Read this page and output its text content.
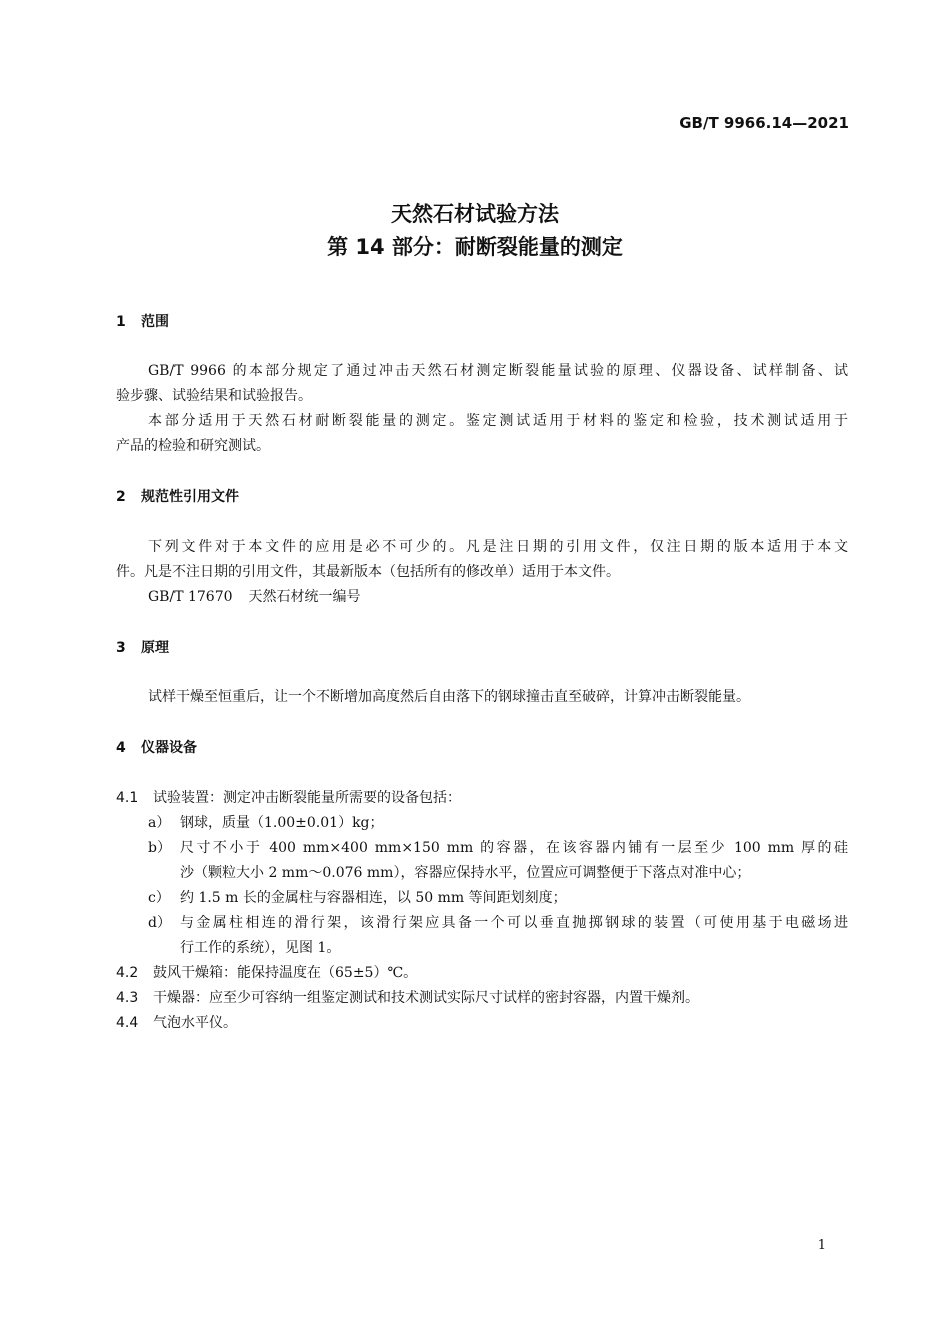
GB/T 9966.14—2021
天然石材试验方法
第 14 部分：耐断裂能量的测定
1 范围
GB/T 9966 的本部分规定了通过冲击天然石材测定断裂能量试验的原理、仪器设备、试样制备、试
验步骤、试验结果和试验报告。
本部分适用于天然石材耐断裂能量的测定。鉴定测试适用于材料的鉴定和检验，技术测试适用于
产品的检验和研究测试。
2 规范性引用文件
下列文件对于本文件的应用是必不可少的。凡是注日期的引用文件，仅注日期的版本适用于本文
件。凡是不注日期的引用文件，其最新版本（包括所有的修改单）适用于本文件。
GB/T 17670 天然石材统一编号
3 原理
试样干燥至恒重后，让一个不断增加高度然后自由落下的钢球撞击直至破碎，计算冲击断裂能量。
4 仪器设备
4.1 试验装置：测定冲击断裂能量所需要的设备包括：
a） 钢球，质量（1.00±0.01）kg；
b） 尺寸不小于 400 mm×400 mm×150 mm 的容器，在该容器内铺有一层至少 100 mm 厚的硅
沙（颗粒大小 2 mm～0.076 mm），容器应保持水平，位置应可调整便于下落点对准中心；
c） 约 1.5 m 长的金属柱与容器相连，以 50 mm 等间距划刻度；
d） 与金属柱相连的滑行架，该滑行架应具备一个可以垂直抛掷钢球的装置（可使用基于电磁场进
行工作的系统），见图 1。
4.2 鼓风干燥箱：能保持温度在（65±5）℃。
4.3 干燥器：应至少可容纳一组鉴定测试和技术测试实际尺寸试样的密封容器，内置干燥剂。
4.4 气泡水平仪。
1
